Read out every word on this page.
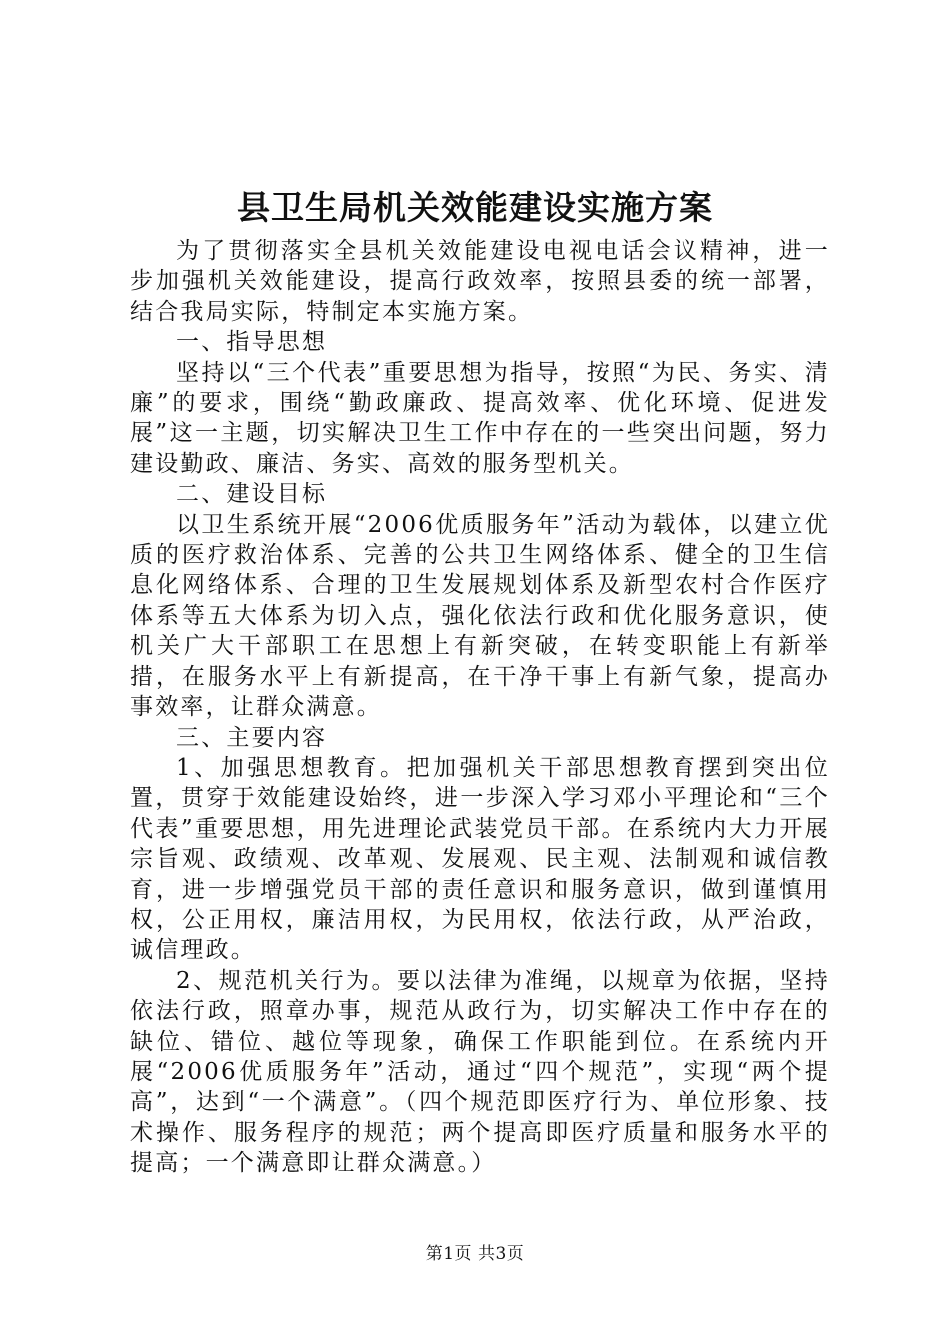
县卫生局机关效能建设实施方案

为了贯彻落实全县机关效能建设电视电话会议精神，进一步加强机关效能建设，提高行政效率，按照县委的统一部署，结合我局实际，特制定本实施方案。

一、指导思想

坚持以“三个代表”重要思想为指导，按照“为民、务实、清廉”的要求，围绕“勤政廉政、提高效率、优化环境、促进发展”这一主题，切实解决卫生工作中存在的一些突出问题，努力建设勤政、廉洁、务实、高效的服务型机关。

二、建设目标

以卫生系统开展“2006优质服务年”活动为载体，以建立优质的医疗救治体系、完善的公共卫生网络体系、健全的卫生信息化网络体系、合理的卫生发展规划体系及新型农村合作医疗体系等五大体系为切入点，强化依法行政和优化服务意识，使机关广大干部职工在思想上有新突破，在转变职能上有新举措，在服务水平上有新提高，在干净干事上有新气象，提高办事效率，让群众满意。

三、主要内容

1、加强思想教育。把加强机关干部思想教育摆到突出位置，贯穿于效能建设始终，进一步深入学习邓小平理论和“三个代表”重要思想，用先进理论武装党员干部。在系统内大力开展宗旨观、政绩观、改革观、发展观、民主观、法制观和诚信教育，进一步增强党员干部的责任意识和服务意识，做到谨慎用权，公正用权，廉洁用权，为民用权，依法行政，从严治政，诚信理政。

2、规范机关行为。要以法律为准绳，以规章为依据，坚持依法行政，照章办事，规范从政行为，切实解决工作中存在的缺位、错位、越位等现象，确保工作职能到位。在系统内开展“2006优质服务年”活动，通过“四个规范”，实现“两个提高”，达到“一个满意”。（四个规范即医疗行为、单位形象、技术操作、服务程序的规范；两个提高即医疗质量和服务水平的提高；一个满意即让群众满意。）

第1页 共3页
